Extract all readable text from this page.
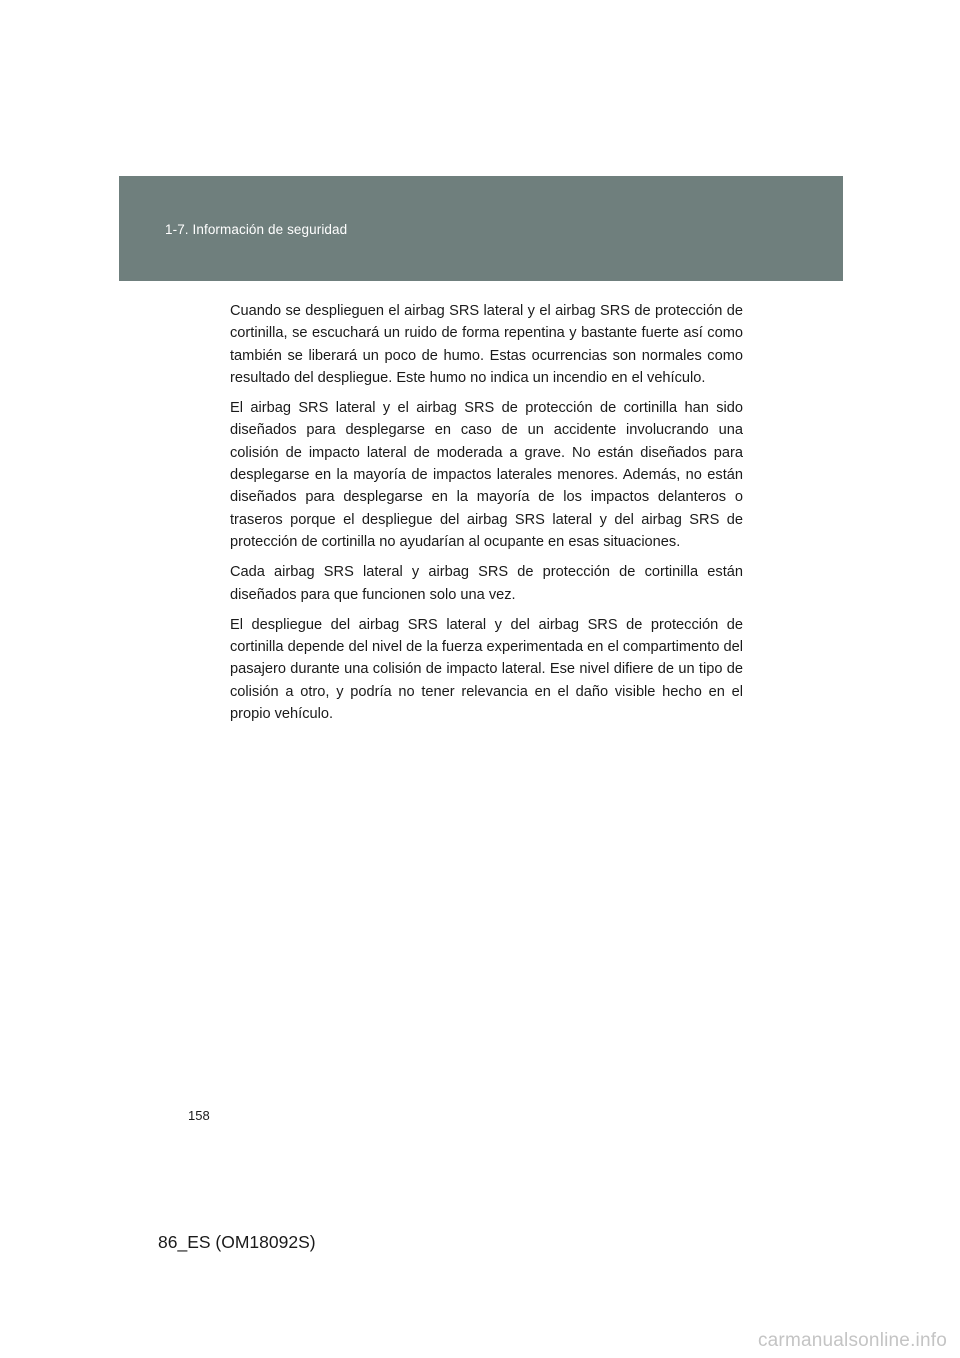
1-7. Información de seguridad

Cuando se desplieguen el airbag SRS lateral y el airbag SRS de protección de cortinilla, se escuchará un ruido de forma repentina y bastante fuerte así como también se liberará un poco de humo. Estas ocurrencias son normales como resultado del despliegue. Este humo no indica un incendio en el vehículo.

El airbag SRS lateral y el airbag SRS de protección de cortinilla han sido diseñados para desplegarse en caso de un accidente involucrando una colisión de impacto lateral de moderada a grave. No están diseñados para desplegarse en la mayoría de impactos laterales menores. Además, no están diseñados para desplegarse en la mayoría de los impactos delanteros o traseros porque el despliegue del airbag SRS lateral y del airbag SRS de protección de cortinilla no ayudarían al ocupante en esas situaciones.

Cada airbag SRS lateral y airbag SRS de protección de cortinilla están diseñados para que funcionen solo una vez.

El despliegue del airbag SRS lateral y del airbag SRS de protección de cortinilla depende del nivel de la fuerza experimentada en el compartimento del pasajero durante una colisión de impacto lateral. Ese nivel difiere de un tipo de colisión a otro, y podría no tener relevancia en el daño visible hecho en el propio vehículo.

158
86_ES (OM18092S)
carmanualsonline.info
